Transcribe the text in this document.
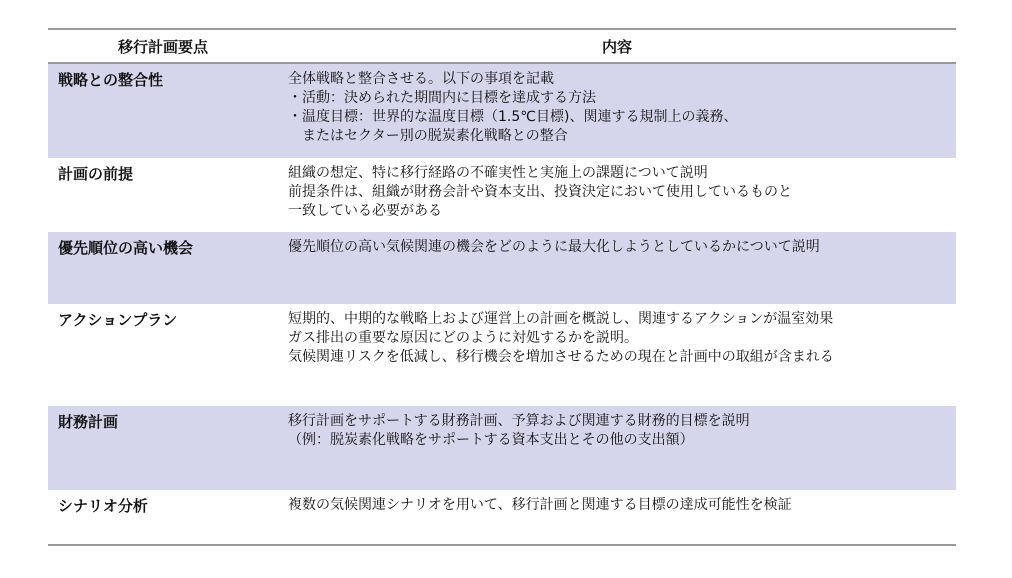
移行計画要点	内容
戦略との整合性	全体戦略と整合させる。以下の事項を記載
・活動：決められた期間内に目標を達成する方法
・温度目標：世界的な温度目標（1.5℃目標)、関連する規制上の義務、
　またはセクター別の脱炭素化戦略との整合
計画の前提	組織の想定、特に移行経路の不確実性と実施上の課題について説明
前提条件は、組織が財務会計や資本支出、投資決定において使用しているものと
一致している必要がある
優先順位の高い機会	優先順位の高い気候関連の機会をどのように最大化しようとしているかについて説明
アクションプラン	短期的、中期的な戦略上および運営上の計画を概説し、関連するアクションが温室効果
ガス排出の重要な原因にどのように対処するかを説明。
気候関連リスクを低減し、移行機会を増加させるための現在と計画中の取組が含まれる
財務計画	移行計画をサポートする財務計画、予算および関連する財務的目標を説明
（例：脱炭素化戦略をサポートする資本支出とその他の支出額）
シナリオ分析	複数の気候関連シナリオを用いて、移行計画と関連する目標の達成可能性を検証
